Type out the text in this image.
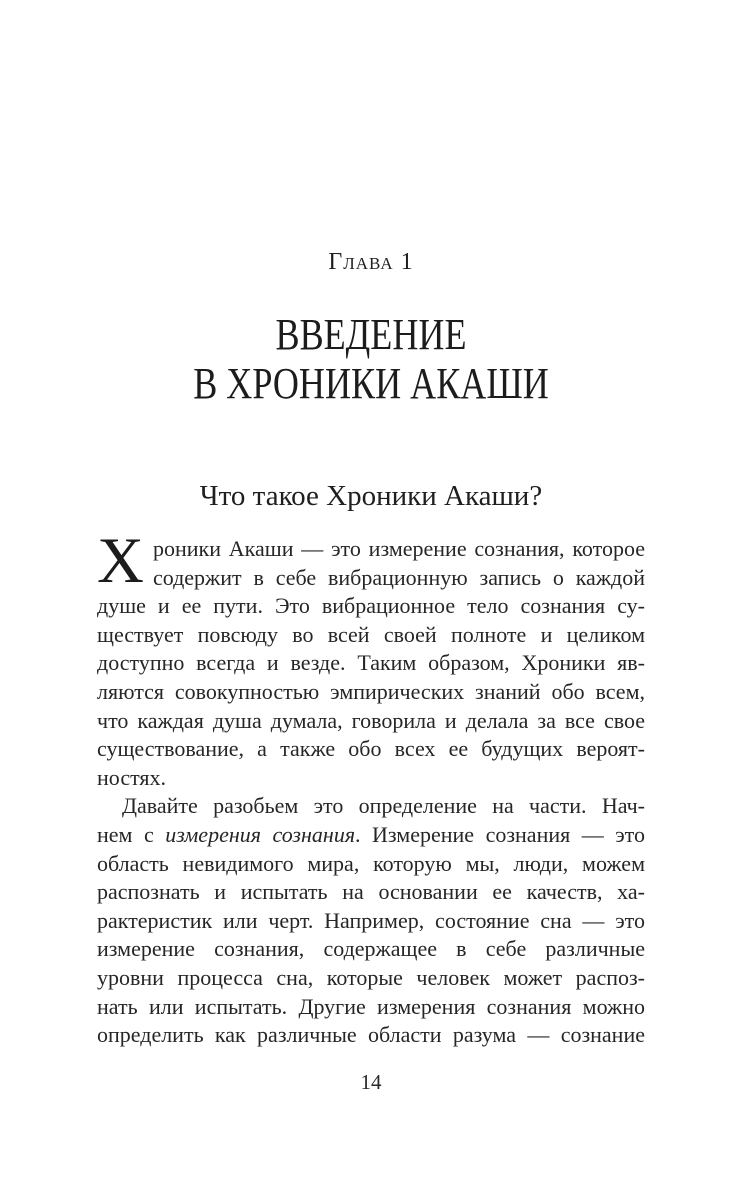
Глава 1
ВВЕДЕНИЕ
В ХРОНИКИ АКАШИ
Что такое Хроники Акаши?
Х роники Акаши — это измерение сознания, которое
содержит в себе вибрационную запись о каждой
душе и ее пути. Это вибрационное тело сознания су-
ществует повсюду во всей своей полноте и целиком
доступно всегда и везде. Таким образом, Хроники яв-
ляются совокупностью эмпирических знаний обо всем,
что каждая душа думала, говорила и делала за все свое
существование, а также обо всех ее будущих вероят-
ностях.
Давайте разобьем это определение на части. Нач-
нем с измерения сознания. Измерение сознания — это
область невидимого мира, которую мы, люди, можем
распознать и испытать на основании ее качеств, ха-
рактеристик или черт. Например, состояние сна — это
измерение сознания, содержащее в себе различные
уровни процесса сна, которые человек может распоз-
нать или испытать. Другие измерения сознания можно
определить как различные области разума — сознание
14
